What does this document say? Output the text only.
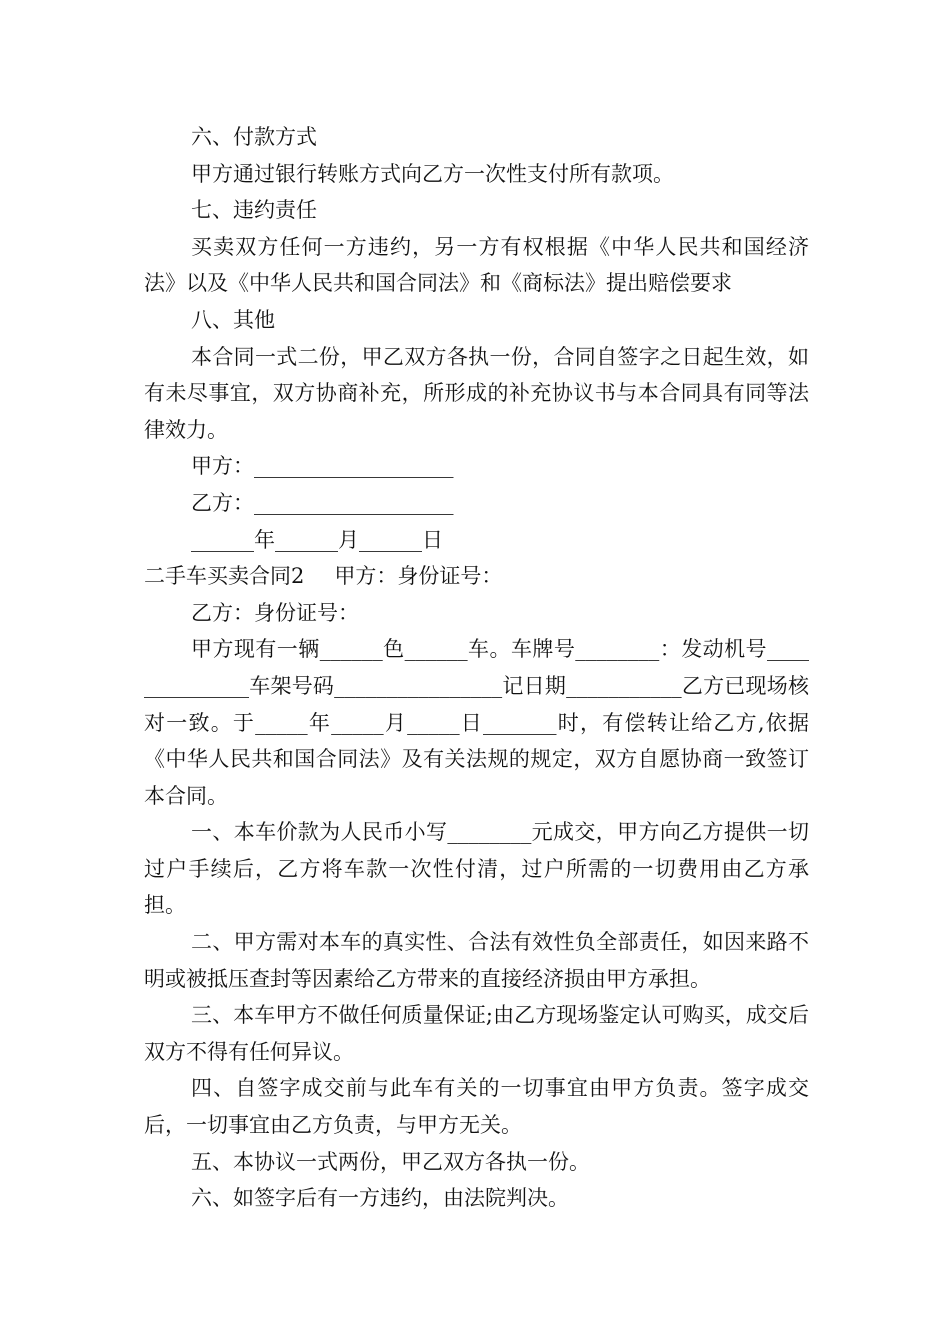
六、付款方式

甲方通过银行转账方式向乙方一次性支付所有款项。

七、违约责任

买卖双方任何一方违约，另一方有权根据《中华人民共和国经济法》以及《中华人民共和国合同法》和《商标法》提出赔偿要求

八、其他

本合同一式二份，甲乙双方各执一份，合同自签字之日起生效，如有未尽事宜，双方协商补充，所形成的补充协议书与本合同具有同等法律效力。

甲方：___________________

乙方：___________________

______年______月______日

二手车买卖合同2 甲方：身份证号：

乙方：身份证号：

甲方现有一辆______色______车。车牌号________：发动机号______________车架号码________________记日期___________乙方已现场核对一致。于_____年_____月_____日_______时，有偿转让给乙方,依据《中华人民共和国合同法》及有关法规的规定，双方自愿协商一致签订本合同。

一、本车价款为人民币小写________元成交，甲方向乙方提供一切过户手续后，乙方将车款一次性付清，过户所需的一切费用由乙方承担。

二、甲方需对本车的真实性、合法有效性负全部责任，如因来路不明或被抵压查封等因素给乙方带来的直接经济损由甲方承担。

三、本车甲方不做任何质量保证;由乙方现场鉴定认可购买，成交后双方不得有任何异议。

四、自签字成交前与此车有关的一切事宜由甲方负责。签字成交后，一切事宜由乙方负责，与甲方无关。

五、本协议一式两份，甲乙双方各执一份。

六、如签字后有一方违约，由法院判决。
